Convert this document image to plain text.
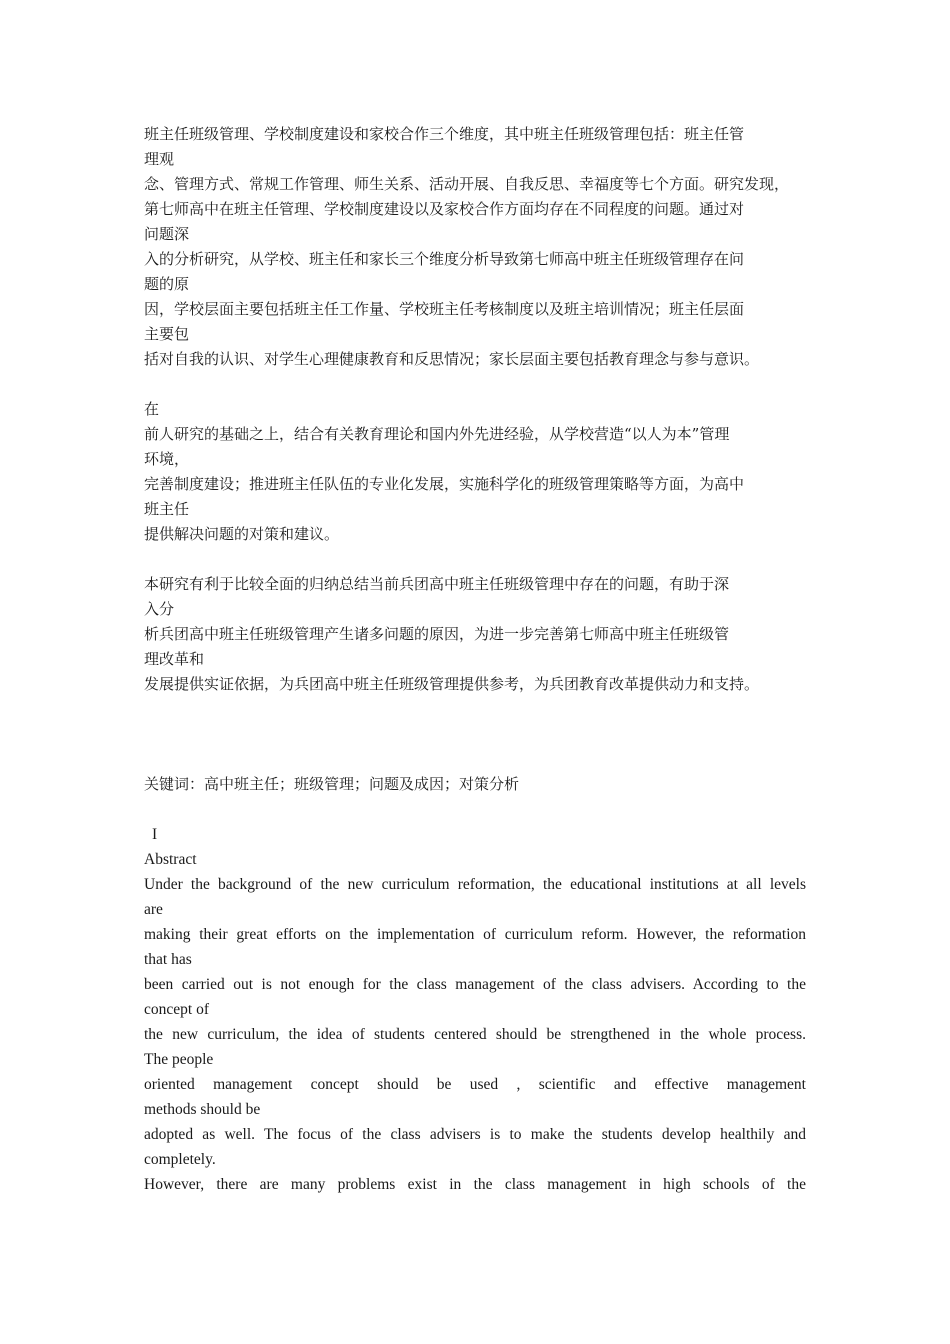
班主任班级管理、学校制度建设和家校合作三个维度，其中班主任班级管理包括：班主任管
理观
念、管理方式、常规工作管理、师生关系、活动开展、自我反思、幸福度等七个方面。研究发现，
第七师高中在班主任管理、学校制度建设以及家校合作方面均存在不同程度的问题。通过对
问题深
入的分析研究，从学校、班主任和家长三个维度分析导致第七师高中班主任班级管理存在问
题的原
因，学校层面主要包括班主任工作量、学校班主任考核制度以及班主培训情况；班主任层面
主要包
括对自我的认识、对学生心理健康教育和反思情况；家长层面主要包括教育理念与参与意识。
在
前人研究的基础之上，结合有关教育理论和国内外先进经验，从学校营造“以人为本”管理
环境，
完善制度建设；推进班主任队伍的专业化发展，实施科学化的班级管理策略等方面，为高中
班主任
提供解决问题的对策和建议。
本研究有利于比较全面的归纳总结当前兵团高中班主任班级管理中存在的问题，有助于深
入分
析兵团高中班主任班级管理产生诸多问题的原因，为进一步完善第七师高中班主任班级管
理改革和
发展提供实证依据，为兵团高中班主任班级管理提供参考，为兵团教育改革提供动力和支持。
关键词：高中班主任；班级管理；问题及成因；对策分析
I
Abstract
Under the background of the new curriculum reformation, the educational institutions at all levels
are
making their great efforts on the implementation of curriculum reform. However, the reformation
that has
been carried out is not enough for the class management of the class advisers. According to the
concept of
the new curriculum, the idea of students centered should be strengthened in the whole process.
The people
oriented management concept should be used , scientific and effective management
methods should be
adopted as well. The focus of the class advisers is to make the students develop healthily and
completely.
However, there are many problems exist in the class management in high schools of the
